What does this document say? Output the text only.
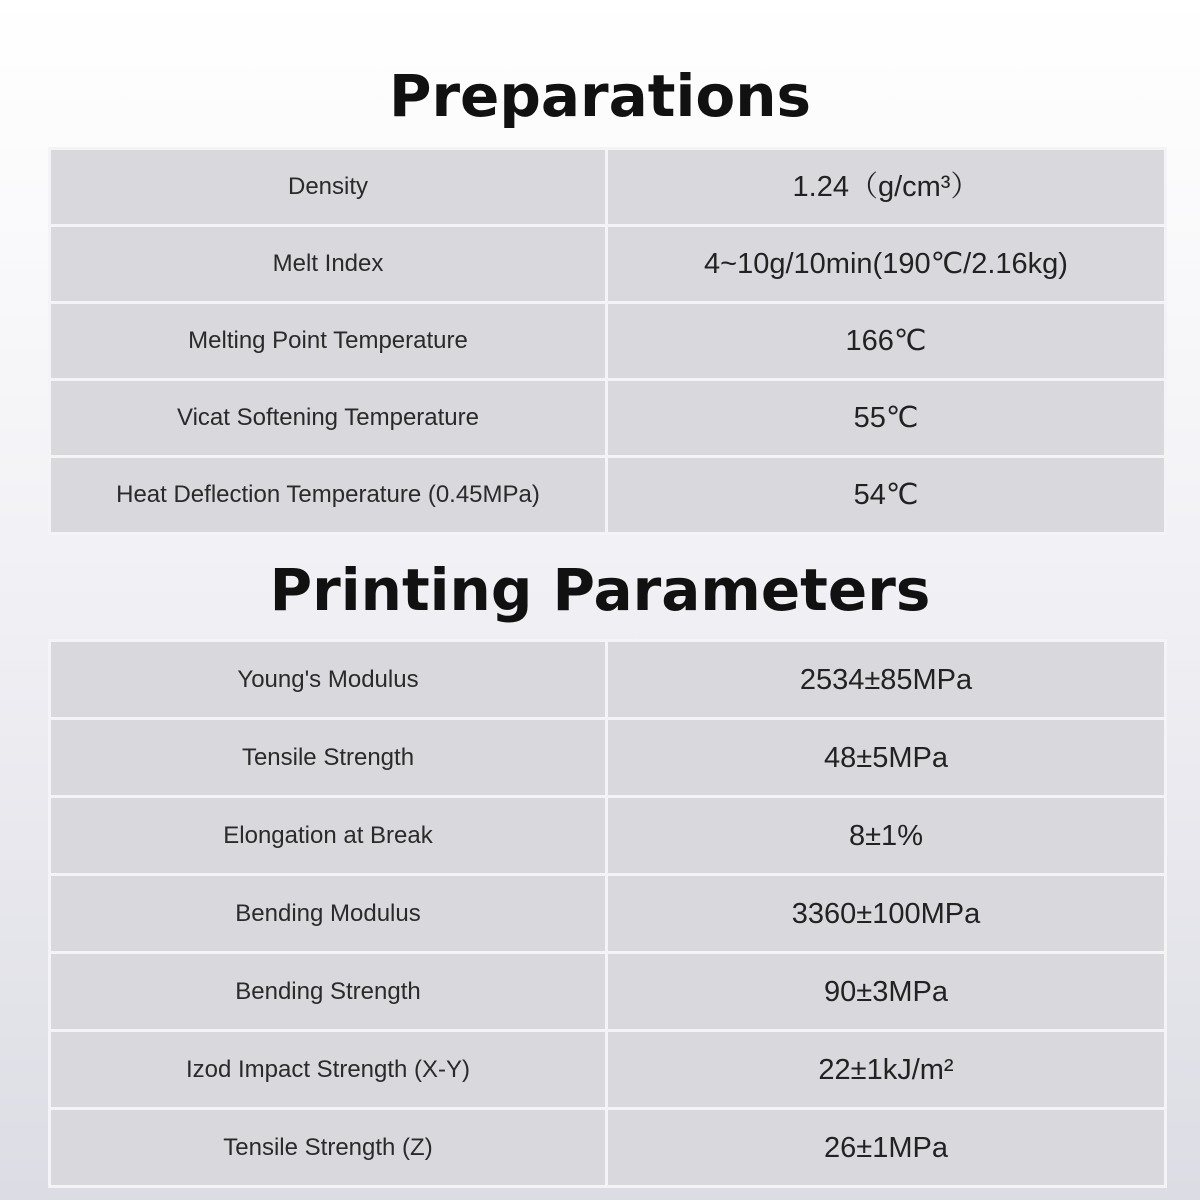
Preparations
Density	1.24（g/cm³）
Melt Index	4~10g/10min(190℃/2.16kg)
Melting Point Temperature	166℃
Vicat Softening Temperature	55℃
Heat Deflection Temperature (0.45MPa)	54℃
Printing Parameters
Young's Modulus	2534±85MPa
Tensile Strength	48±5MPa
Elongation at Break	8±1%
Bending Modulus	3360±100MPa
Bending Strength	90±3MPa
Izod Impact Strength (X-Y)	22±1kJ/m²
Tensile Strength (Z)	26±1MPa
